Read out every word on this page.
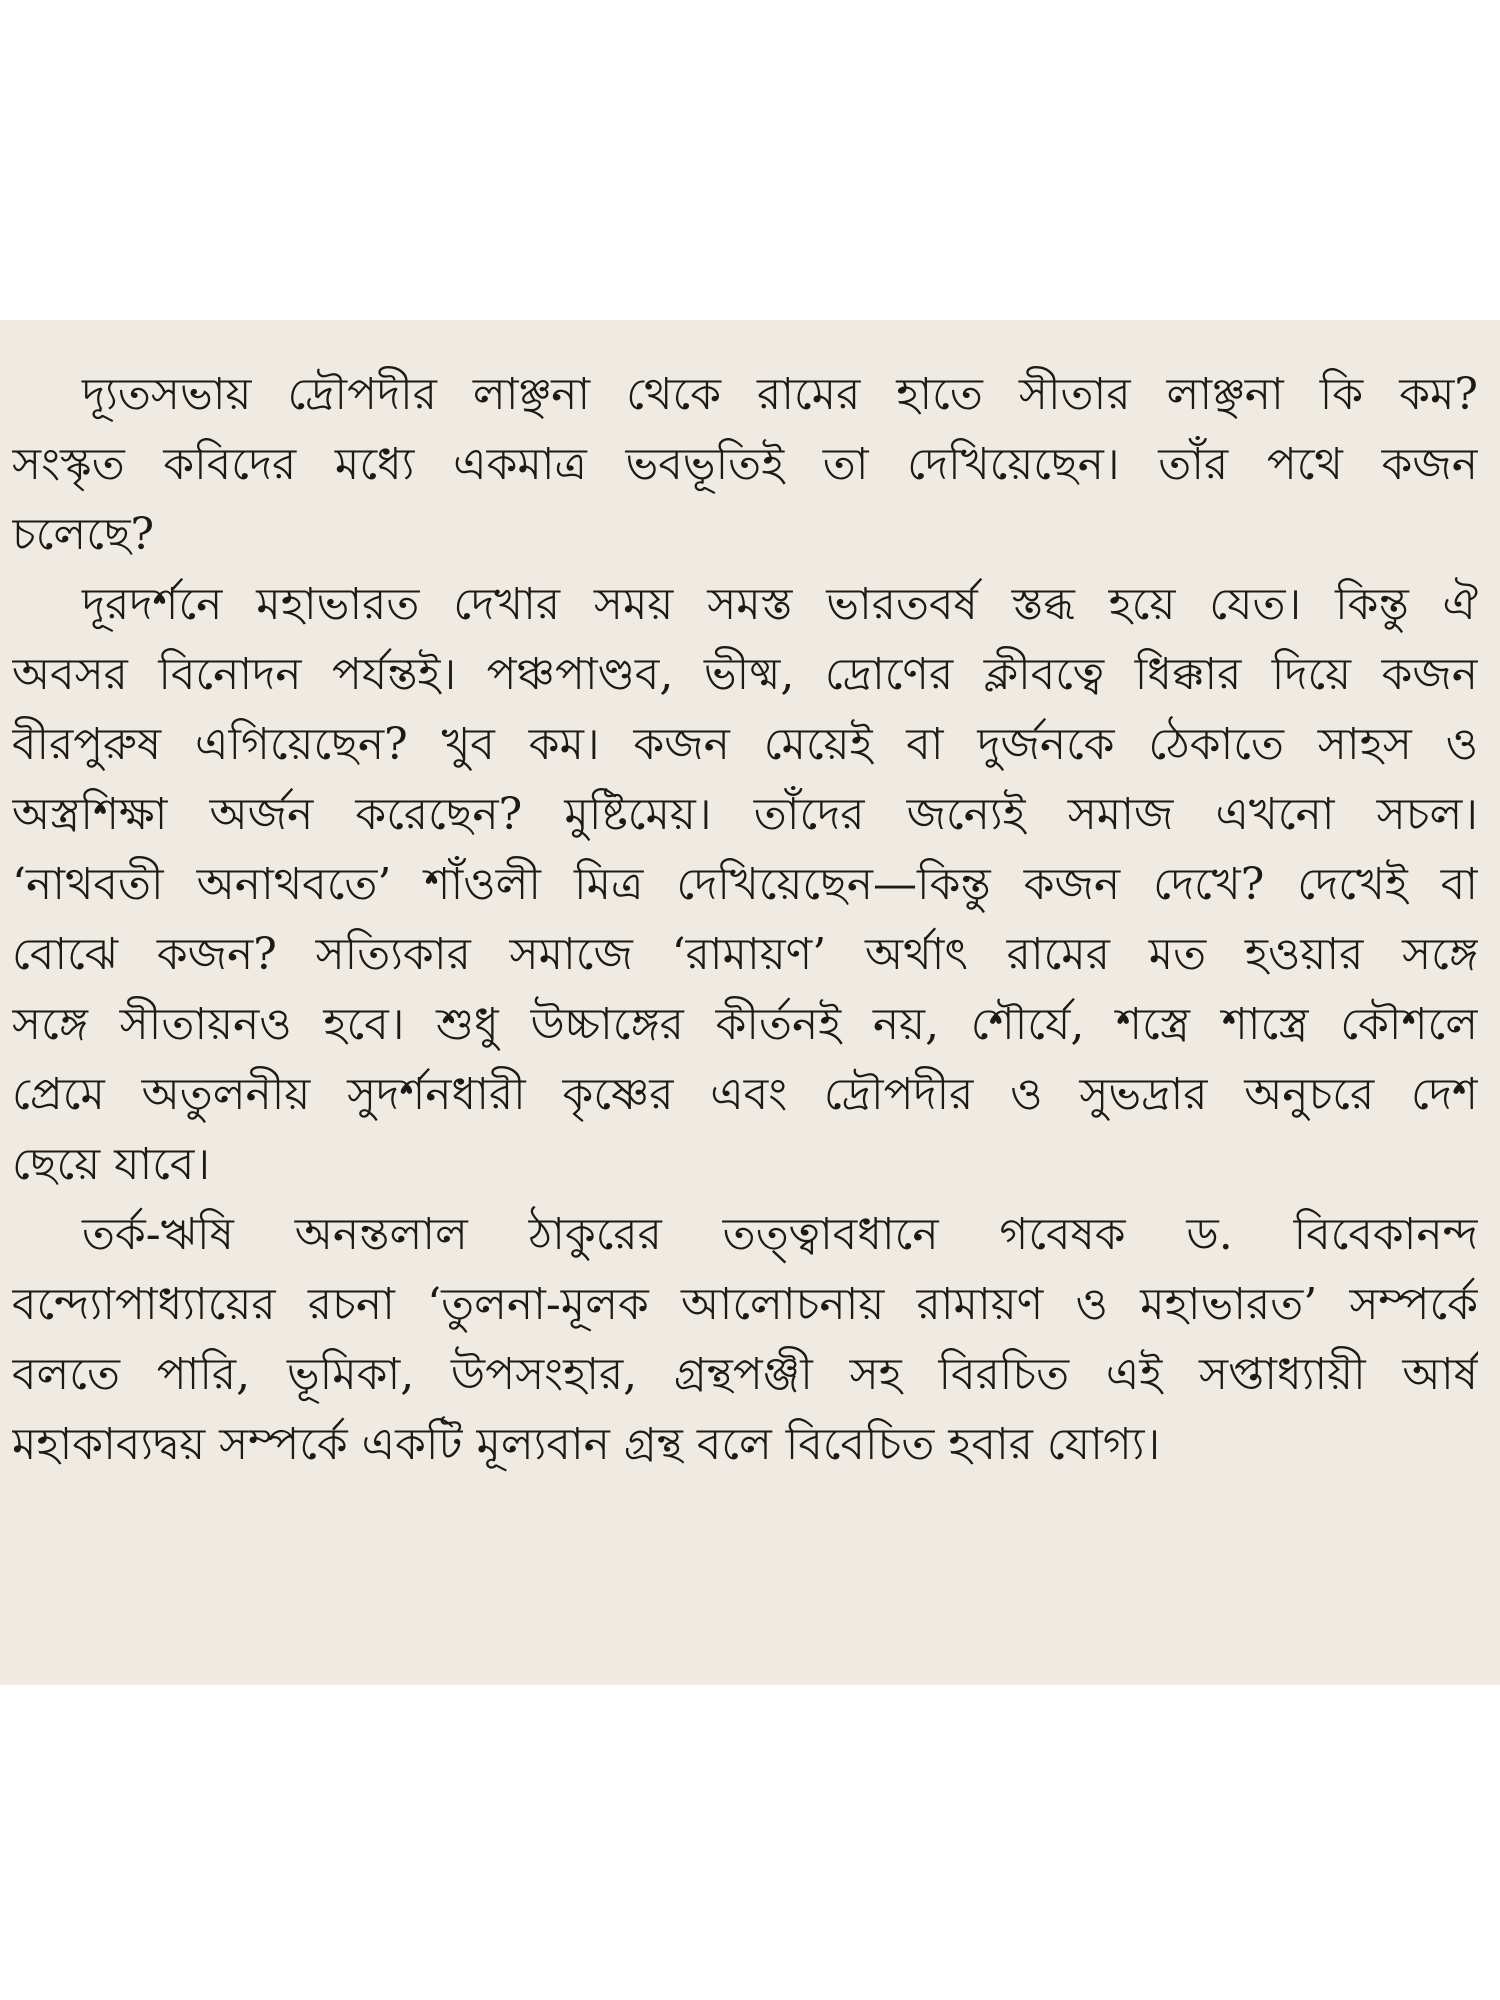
দ্যূতসভায় দ্রৌপদীর লাঞ্ছনা থেকে রামের হাতে সীতার লাঞ্ছনা কি কম?
সংস্কৃত কবিদের মধ্যে একমাত্র ভবভূতিই তা দেখিয়েছেন। তাঁর পথে কজন
চলেছে?
দূরদর্শনে মহাভারত দেখার সময় সমস্ত ভারতবর্ষ স্তব্ধ হয়ে যেত। কিন্তু ঐ
অবসর বিনোদন পর্যন্তই। পঞ্চপাণ্ডব, ভীষ্ম, দ্রোণের ক্লীবত্বে ধিক্কার দিয়ে কজন
বীরপুরুষ এগিয়েছেন? খুব কম। কজন মেয়েই বা দুর্জনকে ঠেকাতে সাহস ও
অস্ত্রশিক্ষা অর্জন করেছেন? মুষ্টিমেয়। তাঁদের জন্যেই সমাজ এখনো সচল।
‘নাথবতী অনাথবতে’ শাঁওলী মিত্র দেখিয়েছেন—কিন্তু কজন দেখে? দেখেই বা
বোঝে কজন? সত্যিকার সমাজে ‘রামায়ণ’ অর্থাৎ রামের মত হওয়ার সঙ্গে
সঙ্গে সীতায়নও হবে। শুধু উচ্চাঙ্গের কীর্তনই নয়, শৌর্যে, শস্ত্রে শাস্ত্রে কৌশলে
প্রেমে অতুলনীয় সুদর্শনধারী কৃষ্ণের এবং দ্রৌপদীর ও সুভদ্রার অনুচরে দেশ
ছেয়ে যাবে।
তর্ক-ঋষি অনন্তলাল ঠাকুরের তত্ত্বাবধানে গবেষক ড. বিবেকানন্দ
বন্দ্যোপাধ্যায়ের রচনা ‘তুলনা-মূলক আলোচনায় রামায়ণ ও মহাভারত’ সম্পর্কে
বলতে পারি, ভূমিকা, উপসংহার, গ্রন্থপঞ্জী সহ বিরচিত এই সপ্তাধ্যায়ী আর্ষ
মহাকাব্যদ্বয় সম্পর্কে একটি মূল্যবান গ্রন্থ বলে বিবেচিত হবার যোগ্য।
